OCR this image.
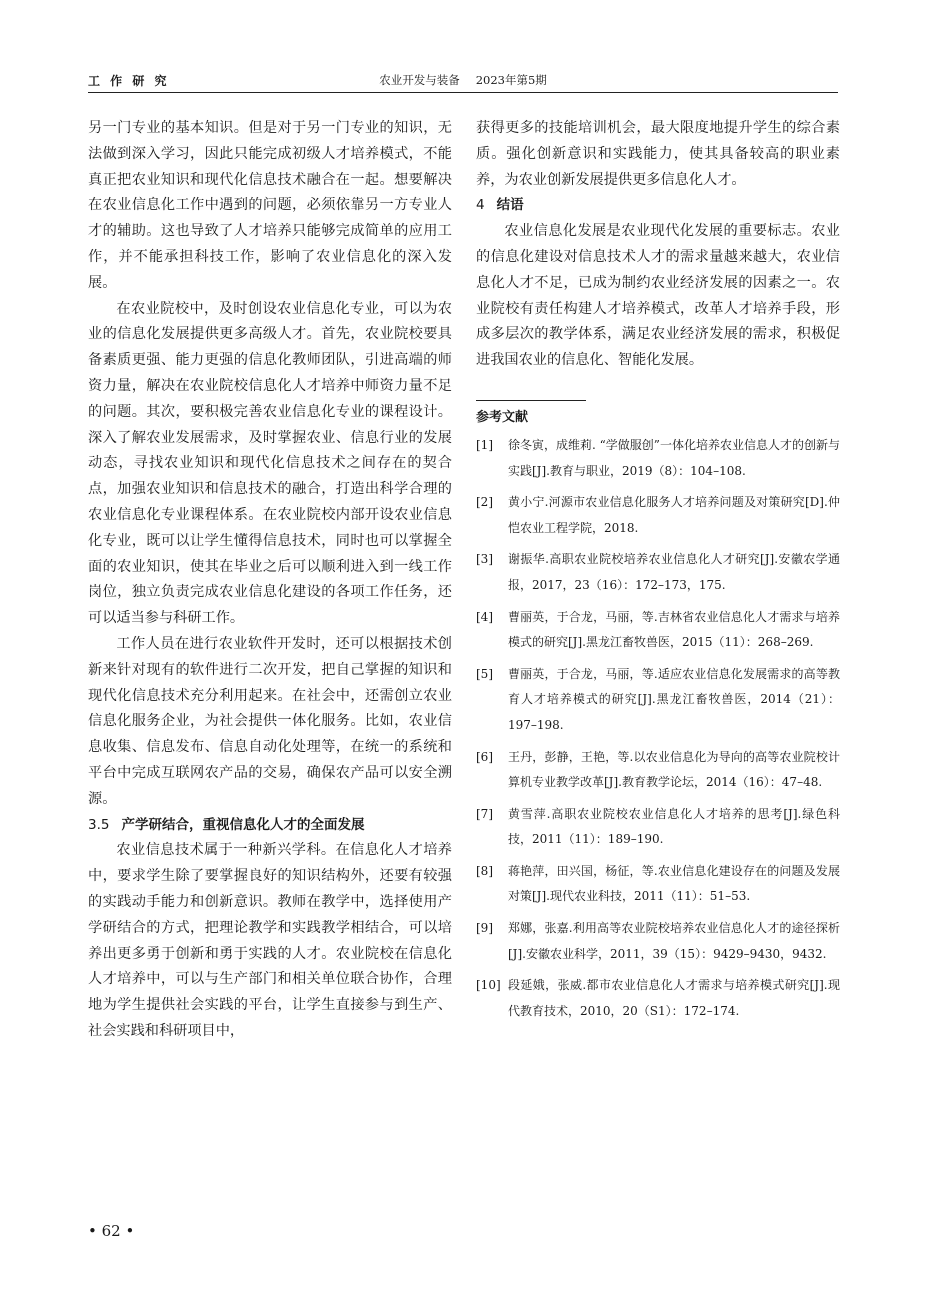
工 作 研 究	农业开发与装备 2023年第5期

另一门专业的基本知识。但是对于另一门专业的知识，无法做到深入学习，因此只能完成初级人才培养模式，不能真正把农业知识和现代化信息技术融合在一起。想要解决在农业信息化工作中遇到的问题，必须依靠另一方专业人才的辅助。这也导致了人才培养只能够完成简单的应用工作，并不能承担科技工作，影响了农业信息化的深入发展。

在农业院校中，及时创设农业信息化专业，可以为农业的信息化发展提供更多高级人才。首先，农业院校要具备素质更强、能力更强的信息化教师团队，引进高端的师资力量，解决在农业院校信息化人才培养中师资力量不足的问题。其次，要积极完善农业信息化专业的课程设计。深入了解农业发展需求，及时掌握农业、信息行业的发展动态，寻找农业知识和现代化信息技术之间存在的契合点，加强农业知识和信息技术的融合，打造出科学合理的农业信息化专业课程体系。在农业院校内部开设农业信息化专业，既可以让学生懂得信息技术，同时也可以掌握全面的农业知识，使其在毕业之后可以顺利进入到一线工作岗位，独立负责完成农业信息化建设的各项工作任务，还可以适当参与科研工作。

工作人员在进行农业软件开发时，还可以根据技术创新来针对现有的软件进行二次开发，把自己掌握的知识和现代化信息技术充分利用起来。在社会中，还需创立农业信息化服务企业，为社会提供一体化服务。比如，农业信息收集、信息发布、信息自动化处理等，在统一的系统和平台中完成互联网农产品的交易，确保农产品可以安全溯源。

3.5 产学研结合，重视信息化人才的全面发展

农业信息技术属于一种新兴学科。在信息化人才培养中，要求学生除了要掌握良好的知识结构外，还要有较强的实践动手能力和创新意识。教师在教学中，选择使用产学研结合的方式，把理论教学和实践教学相结合，可以培养出更多勇于创新和勇于实践的人才。农业院校在信息化人才培养中，可以与生产部门和相关单位联合协作，合理地为学生提供社会实践的平台，让学生直接参与到生产、社会实践和科研项目中，

获得更多的技能培训机会，最大限度地提升学生的综合素质。强化创新意识和实践能力，使其具备较高的职业素养，为农业创新发展提供更多信息化人才。

4 结语

农业信息化发展是农业现代化发展的重要标志。农业的信息化建设对信息技术人才的需求量越来越大，农业信息化人才不足，已成为制约农业经济发展的因素之一。农业院校有责任构建人才培养模式，改革人才培养手段，形成多层次的教学体系，满足农业经济发展的需求，积极促进我国农业的信息化、智能化发展。

参考文献
[1] 徐冬寅，成维莉. “学做服创”一体化培养农业信息人才的创新与实践[J].教育与职业，2019（8）：104–108.
[2] 黄小宁.河源市农业信息化服务人才培养问题及对策研究[D].仲恺农业工程学院，2018.
[3] 谢振华.高职农业院校培养农业信息化人才研究[J].安徽农学通报，2017，23（16）：172–173，175.
[4] 曹丽英，于合龙，马丽，等.吉林省农业信息化人才需求与培养模式的研究[J].黑龙江畜牧兽医，2015（11）：268–269.
[5] 曹丽英，于合龙，马丽，等.适应农业信息化发展需求的高等教育人才培养模式的研究[J].黑龙江畜牧兽医，2014（21）：197–198.
[6] 王丹，彭静，王艳，等.以农业信息化为导向的高等农业院校计算机专业教学改革[J].教育教学论坛，2014（16）：47–48.
[7] 黄雪萍.高职农业院校农业信息化人才培养的思考[J].绿色科技，2011（11）：189–190.
[8] 蒋艳萍，田兴国，杨征，等.农业信息化建设存在的问题及发展对策[J].现代农业科技，2011（11）：51–53.
[9] 郑娜，张嘉.利用高等农业院校培养农业信息化人才的途径探析[J].安徽农业科学，2011，39（15）：9429–9430，9432.
[10] 段延娥，张威.都市农业信息化人才需求与培养模式研究[J].现代教育技术，2010，20（S1）：172–174.
• 62 •
